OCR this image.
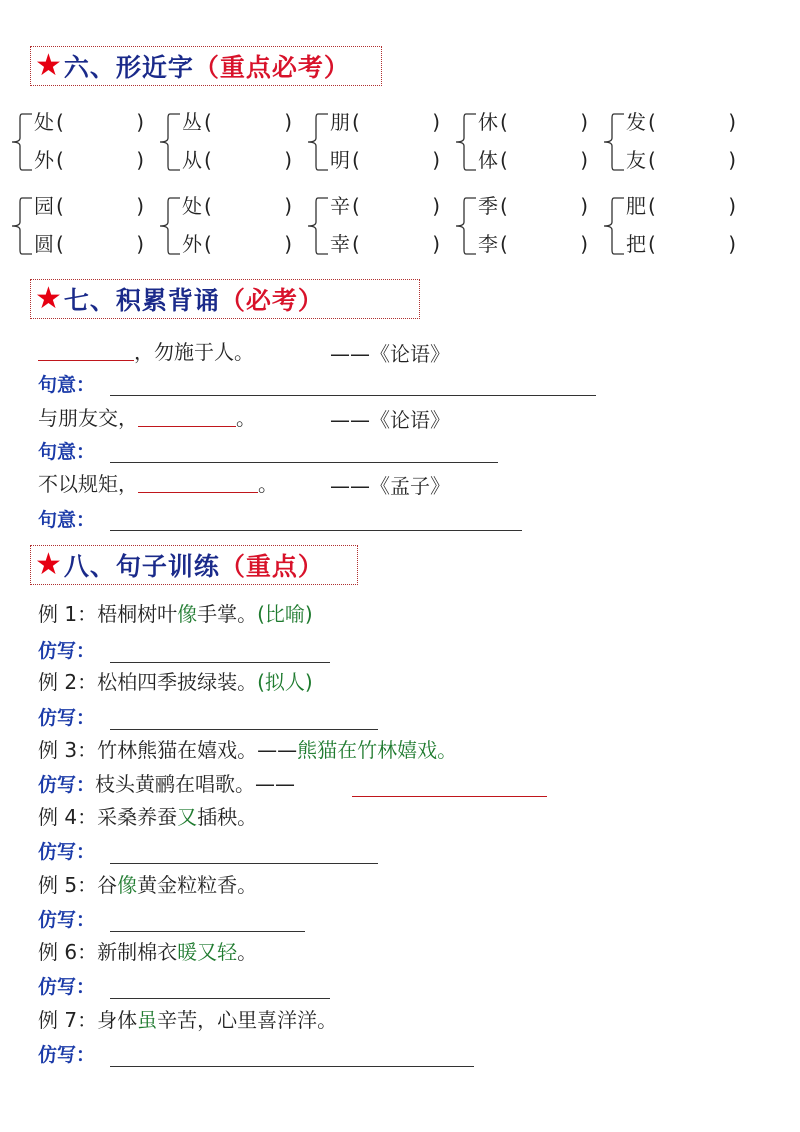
★ 六、形近字 （重点必考）
处 (	)
外 (	)
丛 (	)
从 (	)
朋 (	)
明 (	)
休 (	)
体 (	)
发 (	)
友 (	)
园 (	)
圆 (	)
处 (	)
外 (	)
辛 (	)
幸 (	)
季 (	)
李 (	)
肥 (	)
把 (	)
★ 七、积累背诵 （必考）
，勿施于人。	——《论语》
句意：
与朋友交，	。	——《论语》
句意：
不以规矩，	。	——《孟子》
句意：
★ 八、句子训练 （重点）
例 1：梧桐树叶像手掌。(比喻)
仿写：
例 2：松柏四季披绿装。(拟人)
仿写：
例 3：竹林熊猫在嬉戏。——熊猫在竹林嬉戏。
仿写：枝头黄鹂在唱歌。——
例 4：采桑养蚕又插秧。
仿写：
例 5：谷像黄金粒粒香。
仿写：
例 6：新制棉衣暖又轻。
仿写：
例 7：身体虽辛苦，心里喜洋洋。
仿写：
